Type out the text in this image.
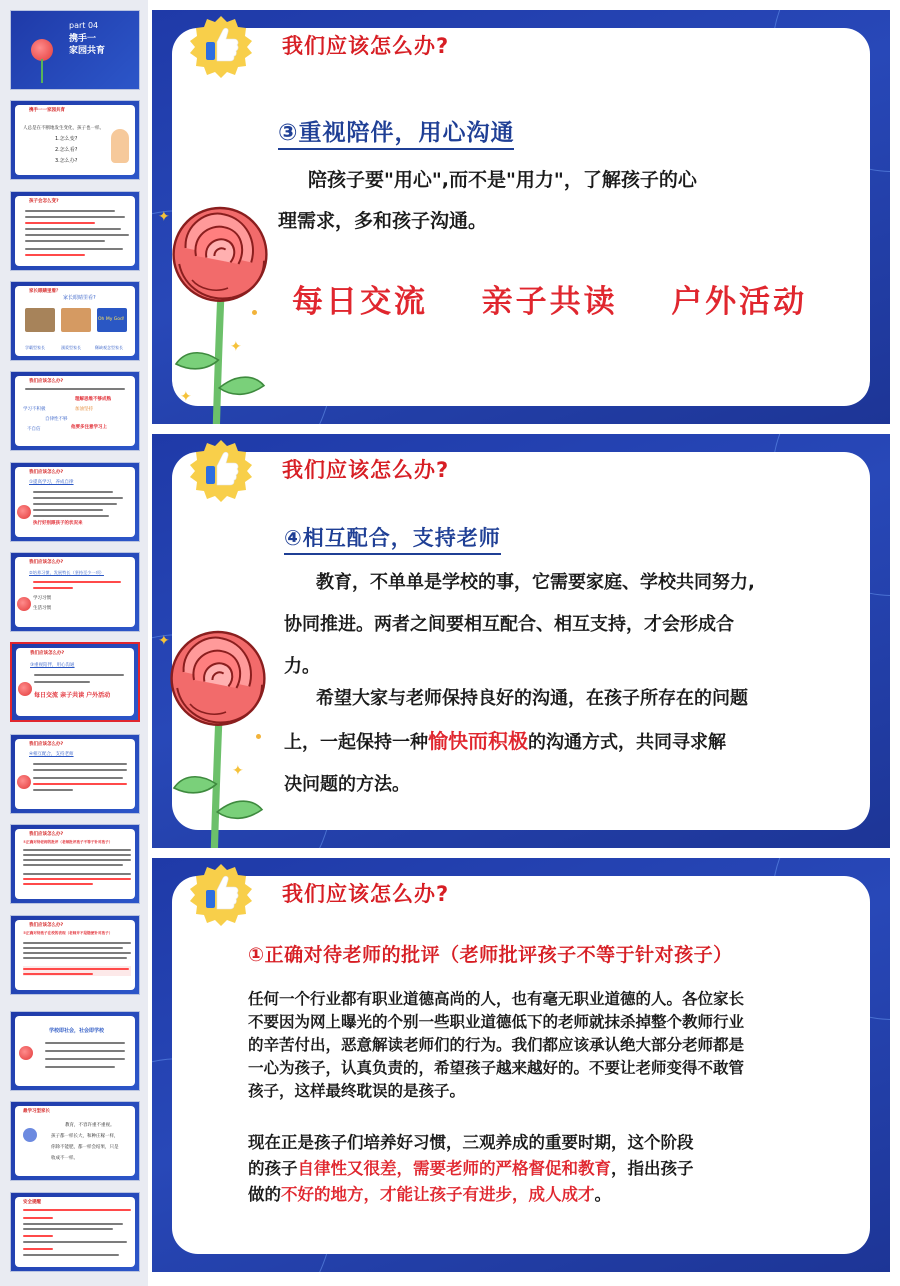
part 04
携手一
家园共育
携手一一家园共育
人总是在不断地发生变化，孩子也一样。
1.怎么变?
2.怎么看?
3.怎么办?
孩子会怎么变?
家长眼睛里看？
家长眼睛里看?
Oh My God!
学霸型家长	溺爱型家长	稀缺观念型家长
我们应该怎么办?
理解思维不够成熟
学习不积极	加油坚持
自律性不够
不自信	他要多注意学习上
我们应该怎么办?
①提高学习，养成自律
执行好别跟孩子的状况来
我们应该怎么办?
②培养习惯，发展特长（坚持至少一项）
学习习惯
生活习惯
我们应该怎么办?
③重视陪伴，用心沟通
每日交流 亲子共读 户外活动
我们应该怎么办?
④相互配合，支持老师
我们应该怎么办?
①正确对待老师的批评（老师批评孩子不等于针对孩子）
我们应该怎么办?
②正确对待孩子在校的表现（老师并不是随便针对孩子）
学校即社会，社会即学校
最学习型家长
教育，不容许重不重视。
孩子都一样长大，和种庄稼一样，
你除不能肥，都一样会结果，只是
收成不一样。
安全提醒
我们应该怎么办?
③重视陪伴，用心沟通
陪孩子要"用心",而不是"用力"，了解孩子的心
理需求，多和孩子沟通。
每日交流 亲子共读 户外活动
✦
✦
✦
我们应该怎么办?
④相互配合，支持老师
教育，不单单是学校的事，它需要家庭、学校共同努力,
协同推进。两者之间要相互配合、相互支持，才会形成合
力。
希望大家与老师保持良好的沟通，在孩子所存在的问题
上，一起保持一种愉快而积极的沟通方式，共同寻求解
决问题的方法。
✦
✦
我们应该怎么办?
①正确对待老师的批评（老师批评孩子不等于针对孩子）
任何一个行业都有职业道德高尚的人，也有毫无职业道德的人。各位家长
不要因为网上曝光的个别一些职业道德低下的老师就抹杀掉整个教师行业
的辛苦付出，恶意解读老师们的行为。我们都应该承认绝大部分老师都是
一心为孩子，认真负责的，希望孩子越来越好的。不要让老师变得不敢管
孩子，这样最终耽误的是孩子。
现在正是孩子们培养好习惯，三观养成的重要时期，这个阶段
的孩子自律性又很差，需要老师的严格督促和教育，指出孩子
做的不好的地方，才能让孩子有进步，成人成才。
